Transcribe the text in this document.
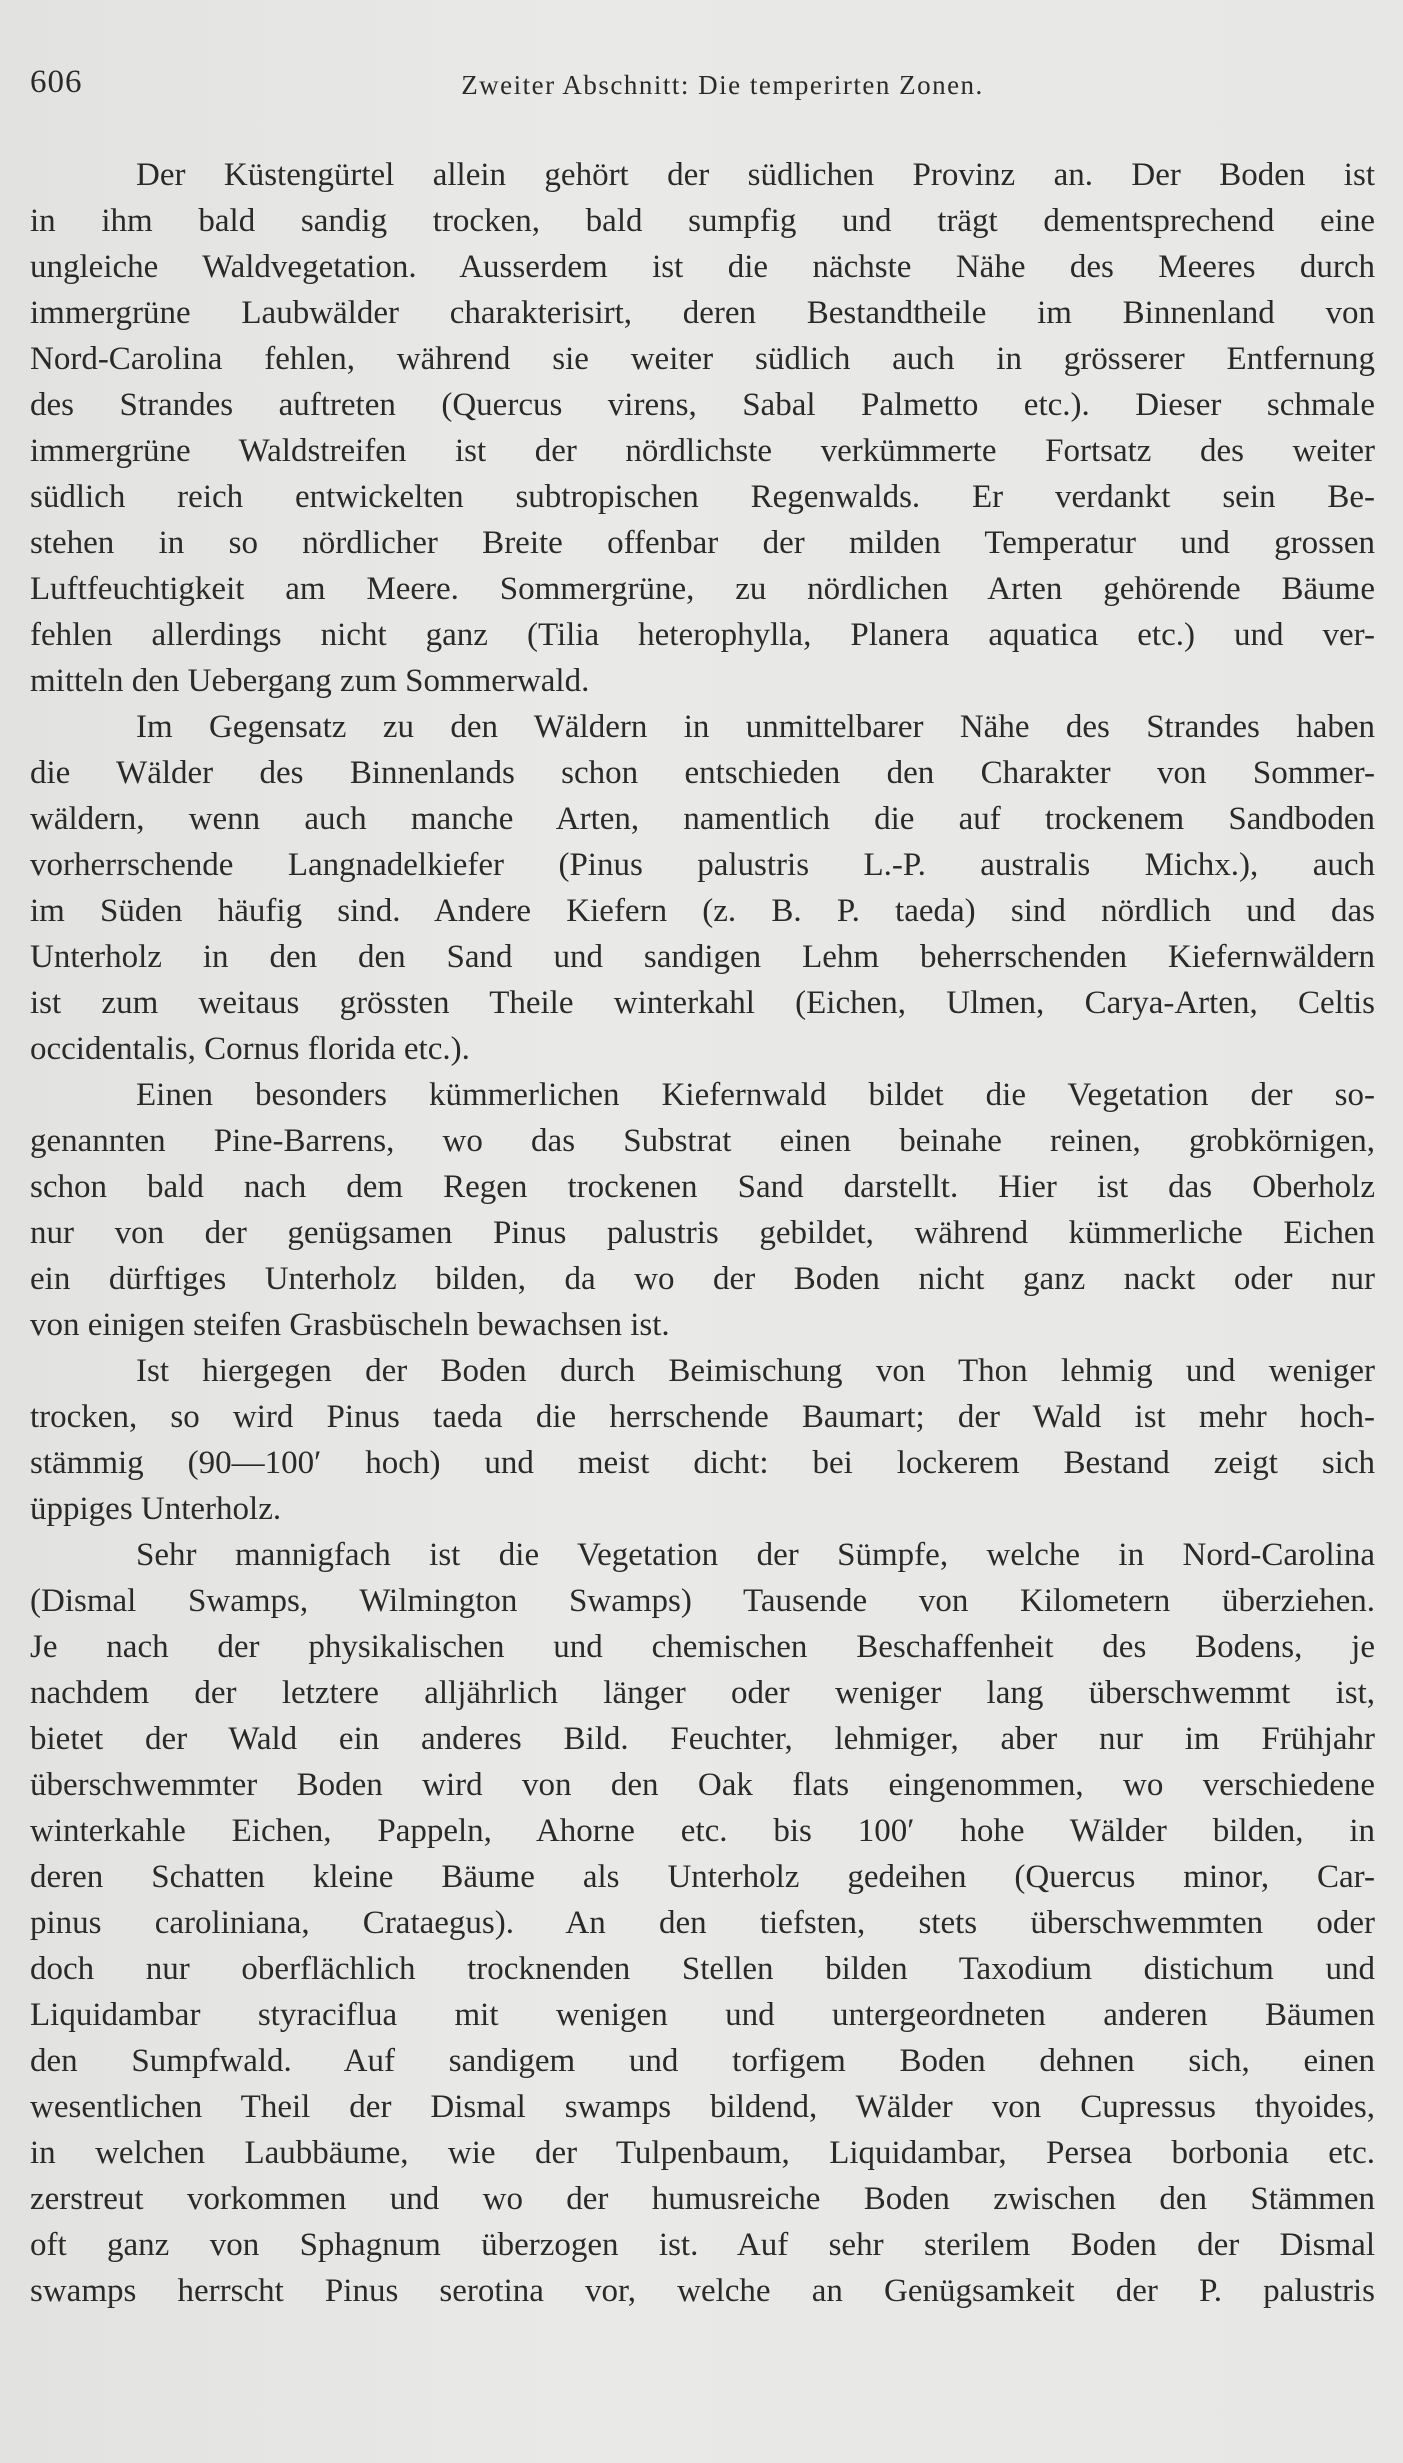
606	Zweiter Abschnitt: Die temperirten Zonen.
Der Küstengürtel allein gehört der südlichen Provinz an. Der Boden ist
in ihm bald sandig trocken, bald sumpfig und trägt dementsprechend eine
ungleiche Waldvegetation. Ausserdem ist die nächste Nähe des Meeres durch
immergrüne Laubwälder charakterisirt, deren Bestandtheile im Binnenland von
Nord-Carolina fehlen, während sie weiter südlich auch in grösserer Entfernung
des Strandes auftreten (Quercus virens, Sabal Palmetto etc.). Dieser schmale
immergrüne Waldstreifen ist der nördlichste verkümmerte Fortsatz des weiter
südlich reich entwickelten subtropischen Regenwalds. Er verdankt sein Be-
stehen in so nördlicher Breite offenbar der milden Temperatur und grossen
Luftfeuchtigkeit am Meere. Sommergrüne, zu nördlichen Arten gehörende Bäume
fehlen allerdings nicht ganz (Tilia heterophylla, Planera aquatica etc.) und ver-
mitteln den Uebergang zum Sommerwald.
Im Gegensatz zu den Wäldern in unmittelbarer Nähe des Strandes haben
die Wälder des Binnenlands schon entschieden den Charakter von Sommer-
wäldern, wenn auch manche Arten, namentlich die auf trockenem Sandboden
vorherrschende Langnadelkiefer (Pinus palustris L.-P. australis Michx.), auch
im Süden häufig sind. Andere Kiefern (z. B. P. taeda) sind nördlich und das
Unterholz in den den Sand und sandigen Lehm beherrschenden Kiefernwäldern
ist zum weitaus grössten Theile winterkahl (Eichen, Ulmen, Carya-Arten, Celtis
occidentalis, Cornus florida etc.).
Einen besonders kümmerlichen Kiefernwald bildet die Vegetation der so-
genannten Pine-Barrens, wo das Substrat einen beinahe reinen, grobkörnigen,
schon bald nach dem Regen trockenen Sand darstellt. Hier ist das Oberholz
nur von der genügsamen Pinus palustris gebildet, während kümmerliche Eichen
ein dürftiges Unterholz bilden, da wo der Boden nicht ganz nackt oder nur
von einigen steifen Grasbüscheln bewachsen ist.
Ist hiergegen der Boden durch Beimischung von Thon lehmig und weniger
trocken, so wird Pinus taeda die herrschende Baumart; der Wald ist mehr hoch-
stämmig (90—100′ hoch) und meist dicht: bei lockerem Bestand zeigt sich
üppiges Unterholz.
Sehr mannigfach ist die Vegetation der Sümpfe, welche in Nord-Carolina
(Dismal Swamps, Wilmington Swamps) Tausende von Kilometern überziehen.
Je nach der physikalischen und chemischen Beschaffenheit des Bodens, je
nachdem der letztere alljährlich länger oder weniger lang überschwemmt ist,
bietet der Wald ein anderes Bild. Feuchter, lehmiger, aber nur im Frühjahr
überschwemmter Boden wird von den Oak flats eingenommen, wo verschiedene
winterkahle Eichen, Pappeln, Ahorne etc. bis 100′ hohe Wälder bilden, in
deren Schatten kleine Bäume als Unterholz gedeihen (Quercus minor, Car-
pinus caroliniana, Crataegus). An den tiefsten, stets überschwemmten oder
doch nur oberflächlich trocknenden Stellen bilden Taxodium distichum und
Liquidambar styraciflua mit wenigen und untergeordneten anderen Bäumen
den Sumpfwald. Auf sandigem und torfigem Boden dehnen sich, einen
wesentlichen Theil der Dismal swamps bildend, Wälder von Cupressus thyoides,
in welchen Laubbäume, wie der Tulpenbaum, Liquidambar, Persea borbonia etc.
zerstreut vorkommen und wo der humusreiche Boden zwischen den Stämmen
oft ganz von Sphagnum überzogen ist. Auf sehr sterilem Boden der Dismal
swamps herrscht Pinus serotina vor, welche an Genügsamkeit der P. palustris
